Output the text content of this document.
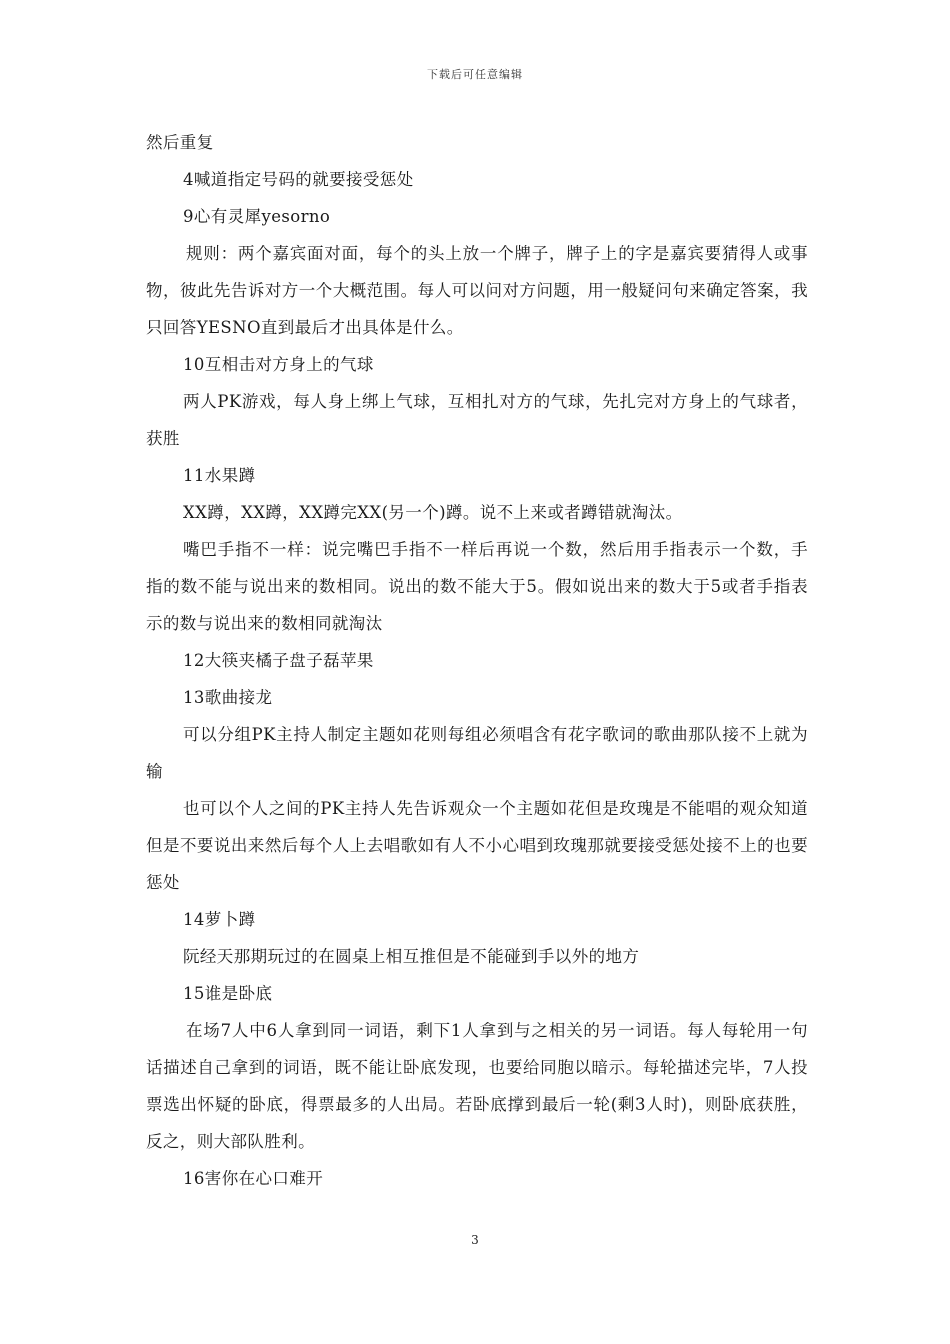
下载后可任意编辑

然后重复

4喊道指定号码的就要接受惩处

9心有灵犀yesorno

规则：两个嘉宾面对面，每个的头上放一个牌子，牌子上的字是嘉宾要猜得人或事物，彼此先告诉对方一个大概范围。每人可以问对方问题，用一般疑问句来确定答案，我只回答YESNO直到最后才出具体是什么。

10互相击对方身上的气球

两人PK游戏，每人身上绑上气球，互相扎对方的气球，先扎完对方身上的气球者，获胜

11水果蹲

XX蹲，XX蹲，XX蹲完XX(另一个)蹲。说不上来或者蹲错就淘汰。

嘴巴手指不一样：说完嘴巴手指不一样后再说一个数，然后用手指表示一个数，手指的数不能与说出来的数相同。说出的数不能大于5。假如说出来的数大于5或者手指表示的数与说出来的数相同就淘汰

12大筷夹橘子盘子磊苹果

13歌曲接龙

可以分组PK主持人制定主题如花则每组必须唱含有花字歌词的歌曲那队接不上就为输

也可以个人之间的PK主持人先告诉观众一个主题如花但是玫瑰是不能唱的观众知道但是不要说出来然后每个人上去唱歌如有人不小心唱到玫瑰那就要接受惩处接不上的也要惩处

14萝卜蹲

阮经天那期玩过的在圆桌上相互推但是不能碰到手以外的地方

15谁是卧底

在场7人中6人拿到同一词语，剩下1人拿到与之相关的另一词语。每人每轮用一句话描述自己拿到的词语，既不能让卧底发现，也要给同胞以暗示。每轮描述完毕，7人投票选出怀疑的卧底，得票最多的人出局。若卧底撑到最后一轮(剩3人时)，则卧底获胜，反之，则大部队胜利。

16害你在心口难开

3
